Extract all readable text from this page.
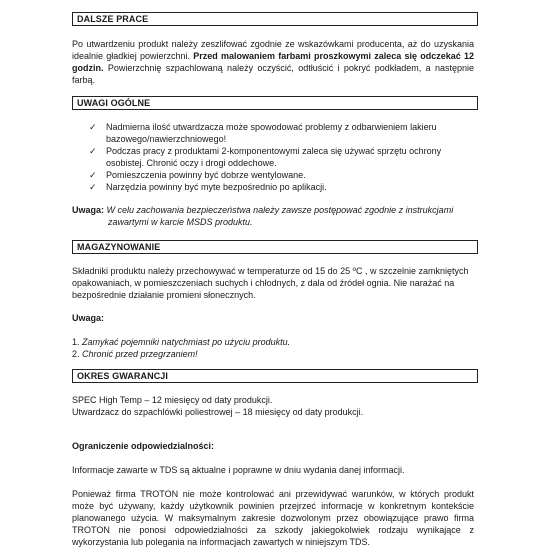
DALSZE PRACE
Po utwardzeniu produkt należy zeszlifować zgodnie ze wskazówkami producenta, aż do uzyskania idealnie gładkiej powierzchni. Przed malowaniem farbami proszkowymi zaleca się odczekać 12 godzin. Powierzchnię szpachlowaną należy oczyścić, odtłuścić i pokryć podkładem, a następnie farbą.
UWAGI OGÓLNE
✓ Nadmierna ilość utwardzacza może spowodować problemy z odbarwieniem lakieru bazowego/nawierzchniowego!
✓ Podczas pracy z produktami 2-komponentowymi zaleca się używać sprzętu ochrony osobistej. Chronić oczy i drogi oddechowe.
✓ Pomieszczenia powinny być dobrze wentylowane.
✓ Narzędzia powinny być myte bezpośrednio po aplikacji.
Uwaga: W celu zachowania bezpieczeństwa należy zawsze postępować zgodnie z instrukcjami
zawartymi w karcie MSDS produktu.
MAGAZYNOWANIE
Składniki produktu należy przechowywać w temperaturze od 15 do 25 ºC , w szczelnie zamkniętych opakowaniach, w pomieszczeniach suchych i chłodnych, z dala od źródeł ognia. Nie narażać na bezpośrednie działanie promieni słonecznych.
Uwaga:
1. Zamykać pojemniki natychmiast po użyciu produktu.
2. Chronić przed przegrzaniem!
OKRES GWARANCJI
SPEC High Temp – 12 miesięcy od daty produkcji.
Utwardzacz do szpachlówki poliestrowej – 18 miesięcy od daty produkcji.
Ograniczenie odpowiedzialności:
Informacje zawarte w TDS są aktualne i poprawne w dniu wydania danej informacji.
Ponieważ firma TROTON nie może kontrolować ani przewidywać warunków, w których produkt może być używany, każdy użytkownik powinien przejrzeć informacje w konkretnym kontekście planowanego użycia. W maksymalnym zakresie dozwolonym przez obowiązujące prawo firma TROTON nie ponosi odpowiedzialności za szkody jakiegokolwiek rodzaju wynikające z wykorzystania lub polegania na informacjach zawartych w niniejszym TDS.
